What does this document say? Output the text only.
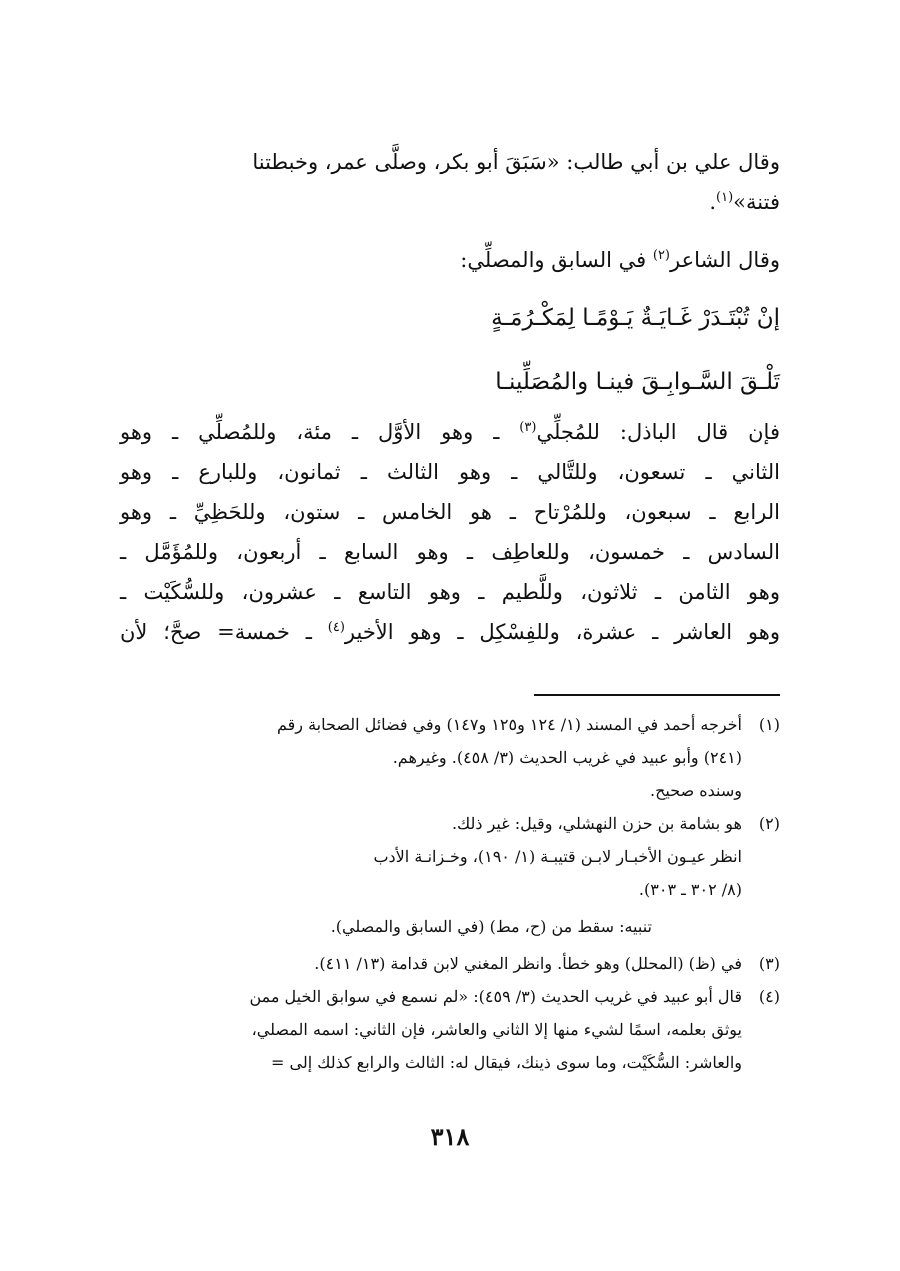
وقال علي بن أبي طالب: «سَبَقَ أبو بكر، وصلَّى عمر، وخبطتنا
فتنة»$^{(١)}$.
وقال الشاعر$^{(٢)}$ في السابق والمصلِّي:
إنْ تُبْتَـدَرْ غَـايَـةٌ يَـوْمًـا لِمَكْـرُمَـةٍ
تَلْـقَ السَّـوابِـقَ فينـا والمُصَلِّينـا
فإن قال الباذل: للمُجلِّي$^{(٣)}$ ـ وهو الأوَّل ـ مئة، وللمُصلِّي ـ وهو
الثاني ـ تسعون، وللتَّالي ـ وهو الثالث ـ ثمانون، وللبارع ـ وهو
الرابع ـ سبعون، وللمُرْتاح ـ هو الخامس ـ ستون، وللحَظِيِّ ـ وهو
السادس ـ خمسون، وللعاطِف ـ وهو السابع ـ أربعون، وللمُؤَمَّل ـ
وهو الثامن ـ ثلاثون، وللَّطيم ـ وهو التاسع ـ عشرون، وللسُّكَيْت ـ
وهو العاشر ـ عشرة، وللفِسْكِل ـ وهو الأخير$^{(٤)}$ ـ خمسة= صحَّ؛ لأن
(١)
أخرجه أحمد في المسند (١/ ١٢٤ و١٢٥ و١٤٧) وفي فضائل الصحابة رقم
(٢٤١) وأبو عبيد في غريب الحديث (٣/ ٤٥٨). وغيرهم.
وسنده صحيح.
(٢)
هو بشامة بن حزن النهشلي، وقيل: غير ذلك.
انظر عيـون الأخبـار لابـن قتيبـة (١/ ١٩٠)، وخـزانـة الأدب
(٨/ ٣٠٢ ـ ٣٠٣).
تنبيه: سقط من (ح، مط) (في السابق والمصلي).
(٣)
في (ظ) (المحلل) وهو خطأ. وانظر المغني لابن قدامة (١٣/ ٤١١).
(٤)
قال أبو عبيد في غريب الحديث (٣/ ٤٥٩): «لم نسمع في سوابق الخيل ممن
يوثق بعلمه، اسمًا لشيء منها إلا الثاني والعاشر، فإن الثاني: اسمه المصلي،
والعاشر: السُّكَيْت، وما سوى ذينك، فيقال له: الثالث والرابع كذلك إلى =
٣١٨
